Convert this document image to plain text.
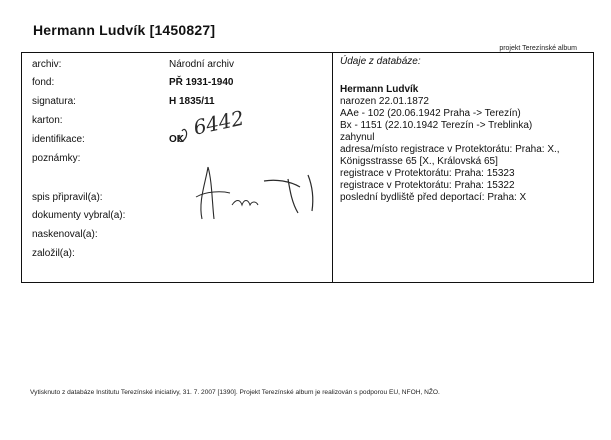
Hermann Ludvík [1450827]
projekt Terezínské album
archiv:	Národní archiv
fond:	PŘ 1931-1940
signatura:	H 1835/11
karton:
identifikace:	OK
poznámky:
spis připravil(a):
dokumenty vybral(a):
naskenoval(a):
založil(a):
6442
Údaje z databáze:
Hermann Ludvík
narozen 22.01.1872
AAe - 102 (20.06.1942 Praha -> Terezín)
Bx - 1151 (22.10.1942 Terezín -> Treblinka)
zahynul
adresa/místo registrace v Protektorátu: Praha: X.,
Königsstrasse 65 [X., Královská 65]
registrace v Protektorátu: Praha: 15323
registrace v Protektorátu: Praha: 15322
poslední bydliště před deportací: Praha: X
Vytisknuto z databáze Institutu Terezínské iniciativy, 31. 7. 2007 [1390]. Projekt Terezínské album je realizován s podporou EU, NFOH, NŽO.
